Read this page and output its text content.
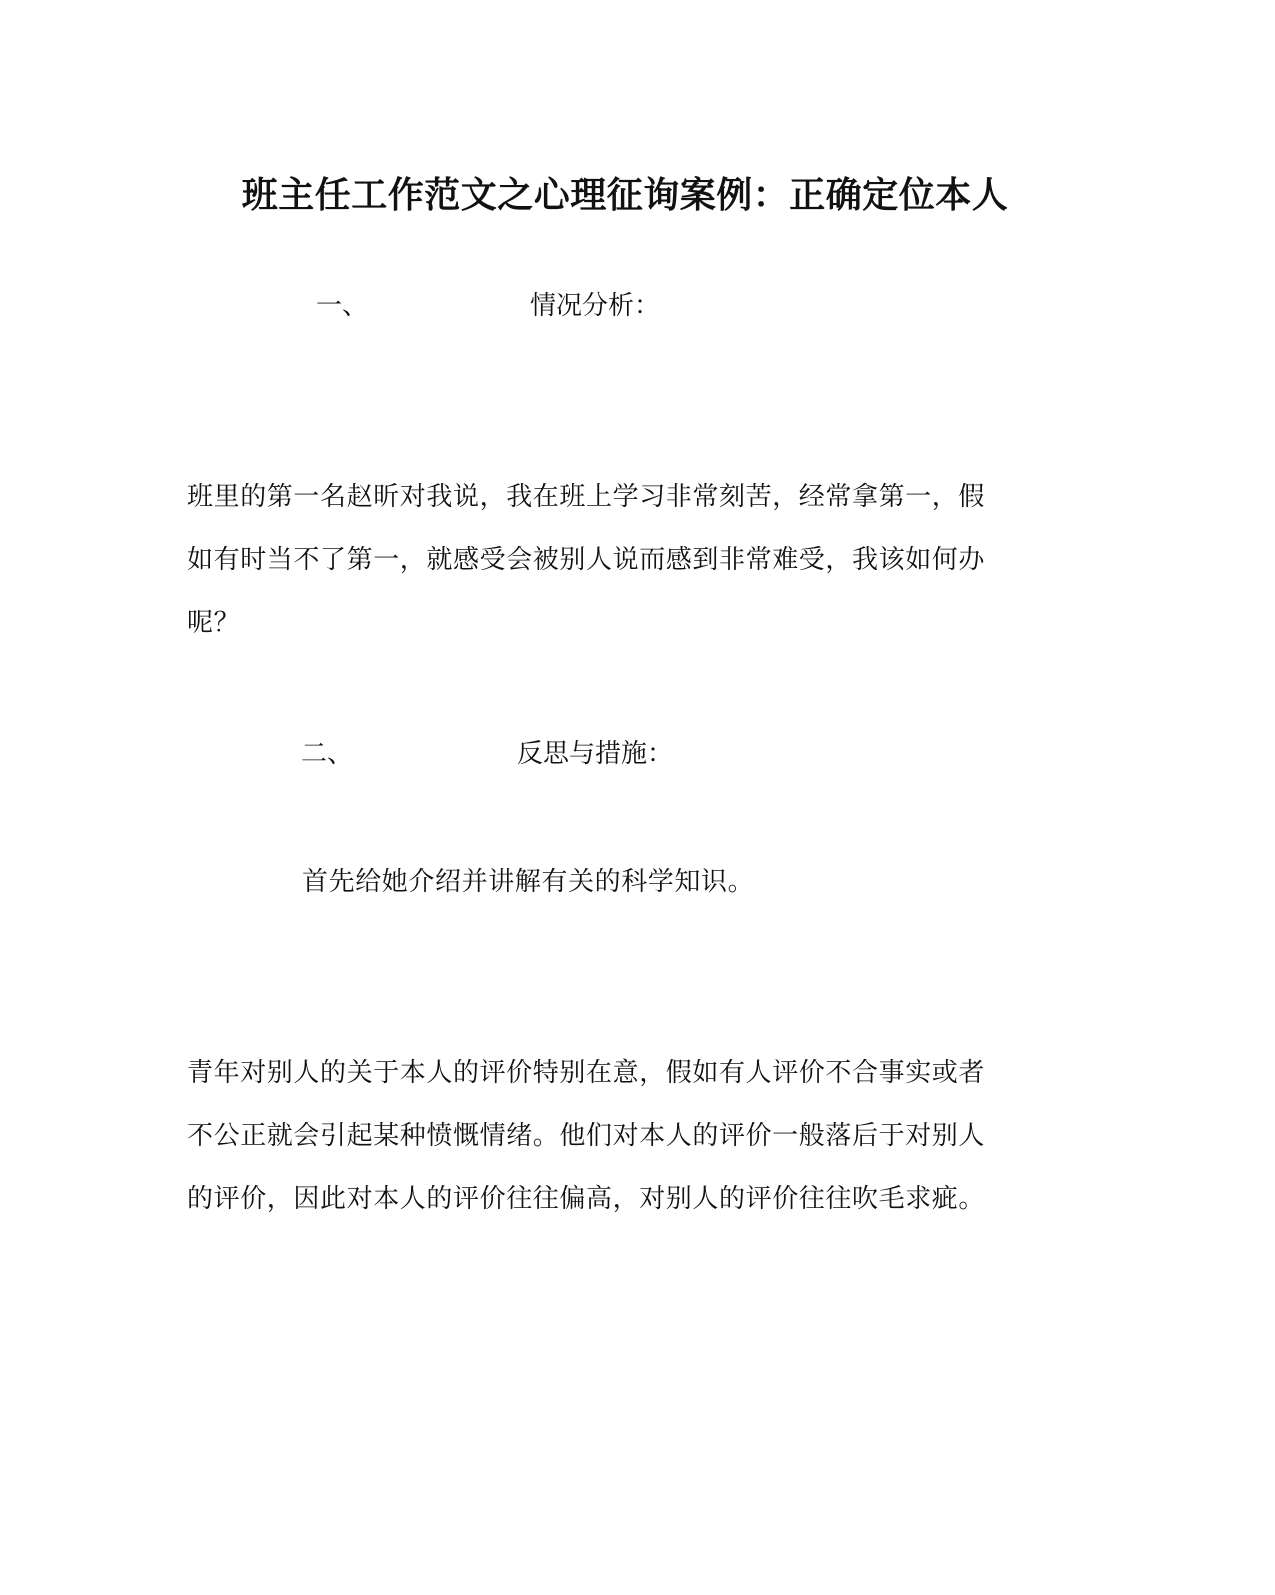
班主任工作范文之心理征询案例：正确定位本人
一、	情况分析：
班里的第一名赵昕对我说，我在班上学习非常刻苦，经常拿第一，假
如有时当不了第一，就感受会被别人说而感到非常难受，我该如何办
呢？
二、	反思与措施：
首先给她介绍并讲解有关的科学知识。
青年对别人的关于本人的评价特别在意，假如有人评价不合事实或者
不公正就会引起某种愤慨情绪。他们对本人的评价一般落后于对别人
的评价，因此对本人的评价往往偏高，对别人的评价往往吹毛求疵。
